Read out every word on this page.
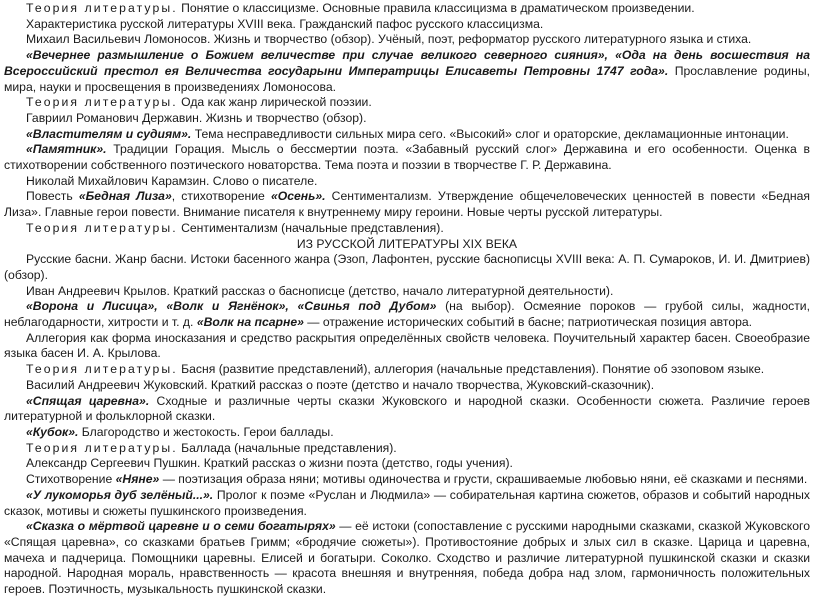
Теория литературы. Понятие о классицизме. Основные правила классицизма в драматическом произведении.

Характеристика русской литературы XVIII века. Гражданский пафос русского классицизма.

Михаил Васильевич Ломоносов. Жизнь и творчество (обзор). Учёный, поэт, реформатор русского литературного языка и стиха.

«Вечернее размышление о Божием величестве при случае великого северного сияния», «Ода на день восшествия на Всероссийский престол ея Величества государыни Императрицы Елисаветы Петровны 1747 года». Прославление родины, мира, науки и просвещения в произведениях Ломоносова.

Теория литературы. Ода как жанр лирической поэзии.

Гавриил Романович Державин. Жизнь и творчество (обзор).

«Властителям и судиям». Тема несправедливости сильных мира сего. «Высокий» слог и ораторские, декламационные интонации.

«Памятник». Традиции Горация. Мысль о бессмертии поэта. «Забавный русский слог» Державина и его особенности. Оценка в стихотворении собственного поэтического новаторства. Тема поэта и поэзии в творчестве Г. Р. Державина.

Николай Михайлович Карамзин. Слово о писателе.

Повесть «Бедная Лиза», стихотворение «Осень». Сентиментализм. Утверждение общечеловеческих ценностей в повести «Бедная Лиза». Главные герои повести. Внимание писателя к внутреннему миру героини. Новые черты русской литературы.

Теория литературы. Сентиментализм (начальные представления).

ИЗ РУССКОЙ ЛИТЕРАТУРЫ XIX ВЕКА

Русские басни. Жанр басни. Истоки басенного жанра (Эзоп, Лафонтен, русские баснописцы XVIII века: А. П. Сумароков, И. И. Дмитриев) (обзор).

Иван Андреевич Крылов. Краткий рассказ о баснописце (детство, начало литературной деятельности).

«Ворона и Лисица», «Волк и Ягнёнок», «Свинья под Дубом» (на выбор). Осмеяние пороков — грубой силы, жадности, неблагодарности, хитрости и т. д. «Волк на псарне» — отражение исторических событий в басне; патриотическая позиция автора.

Аллегория как форма иносказания и средство раскрытия определённых свойств человека. Поучительный характер басен. Своеобразие языка басен И. А. Крылова.

Теория литературы. Басня (развитие представлений), аллегория (начальные представления). Понятие об эзоповом языке.

Василий Андреевич Жуковский. Краткий рассказ о поэте (детство и начало творчества, Жуковский-сказочник).

«Спящая царевна». Сходные и различные черты сказки Жуковского и народной сказки. Особенности сюжета. Различие героев литературной и фольклорной сказки.

«Кубок». Благородство и жестокость. Герои баллады.

Теория литературы. Баллада (начальные представления).

Александр Сергеевич Пушкин. Краткий рассказ о жизни поэта (детство, годы учения).

Стихотворение «Няне» — поэтизация образа няни; мотивы одиночества и грусти, скрашиваемые любовью няни, её сказками и песнями.

«У лукоморья дуб зелёный...». Пролог к поэме «Руслан и Людмила» — собирательная картина сюжетов, образов и событий народных сказок, мотивы и сюжеты пушкинского произведения.

«Сказка о мёртвой царевне и о семи богатырях» — её истоки (сопоставление с русскими народными сказками, сказкой Жуковского «Спящая царевна», со сказками братьев Гримм; «бродячие сюжеты»). Противостояние добрых и злых сил в сказке. Царица и царевна, мачеха и падчерица. Помощники царевны. Елисей и богатыри. Соколко. Сходство и различие литературной пушкинской сказки и сказки народной. Народная мораль, нравственность — красота внешняя и внутренняя, победа добра над злом, гармоничность положительных героев. Поэтичность, музыкальность пушкинской сказки.
